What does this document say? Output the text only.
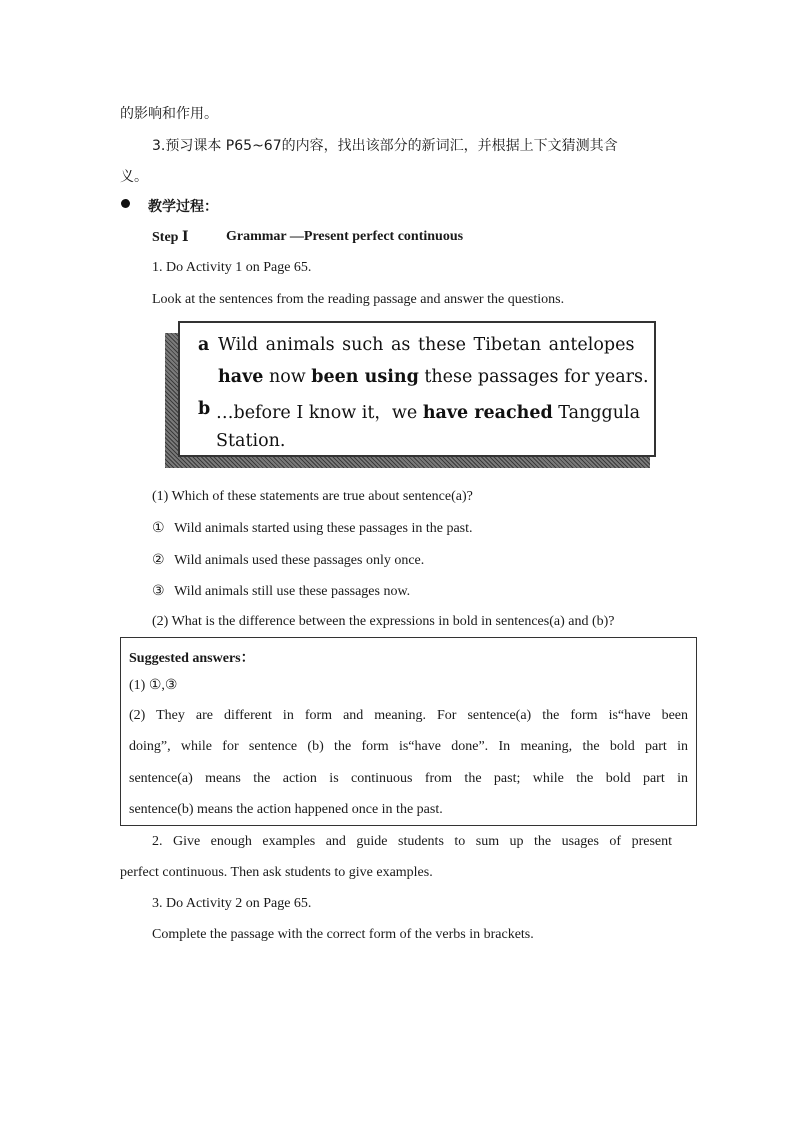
的影响和作用。
3.预习课本 P65~67的内容，找出该部分的新词汇，并根据上下文猜测其含
义。
教学过程：
Step Ⅰ	Grammar —Present perfect continuous
1. Do Activity 1 on Page 65.
Look at the sentences from the reading passage and answer the questions.
a Wild animals such as these Tibetan antelopes
have now been using these passages for years.
b …before I know it，we have reached Tanggula
Station.
(1) Which of these statements are true about sentence(a)?
① Wild animals started using these passages in the past.
② Wild animals used these passages only once.
③ Wild animals still use these passages now.
(2) What is the difference between the expressions in bold in sentences(a) and (b)?
Suggested answers：
(1) ①,③
(2) They are different in form and meaning. For sentence(a) the form is“have been
doing”, while for sentence (b) the form is“have done”. In meaning, the bold part in
sentence(a) means the action is continuous from the past; while the bold part in
sentence(b) means the action happened once in the past.
2. Give enough examples and guide students to sum up the usages of present
perfect continuous. Then ask students to give examples.
3. Do Activity 2 on Page 65.
Complete the passage with the correct form of the verbs in brackets.
